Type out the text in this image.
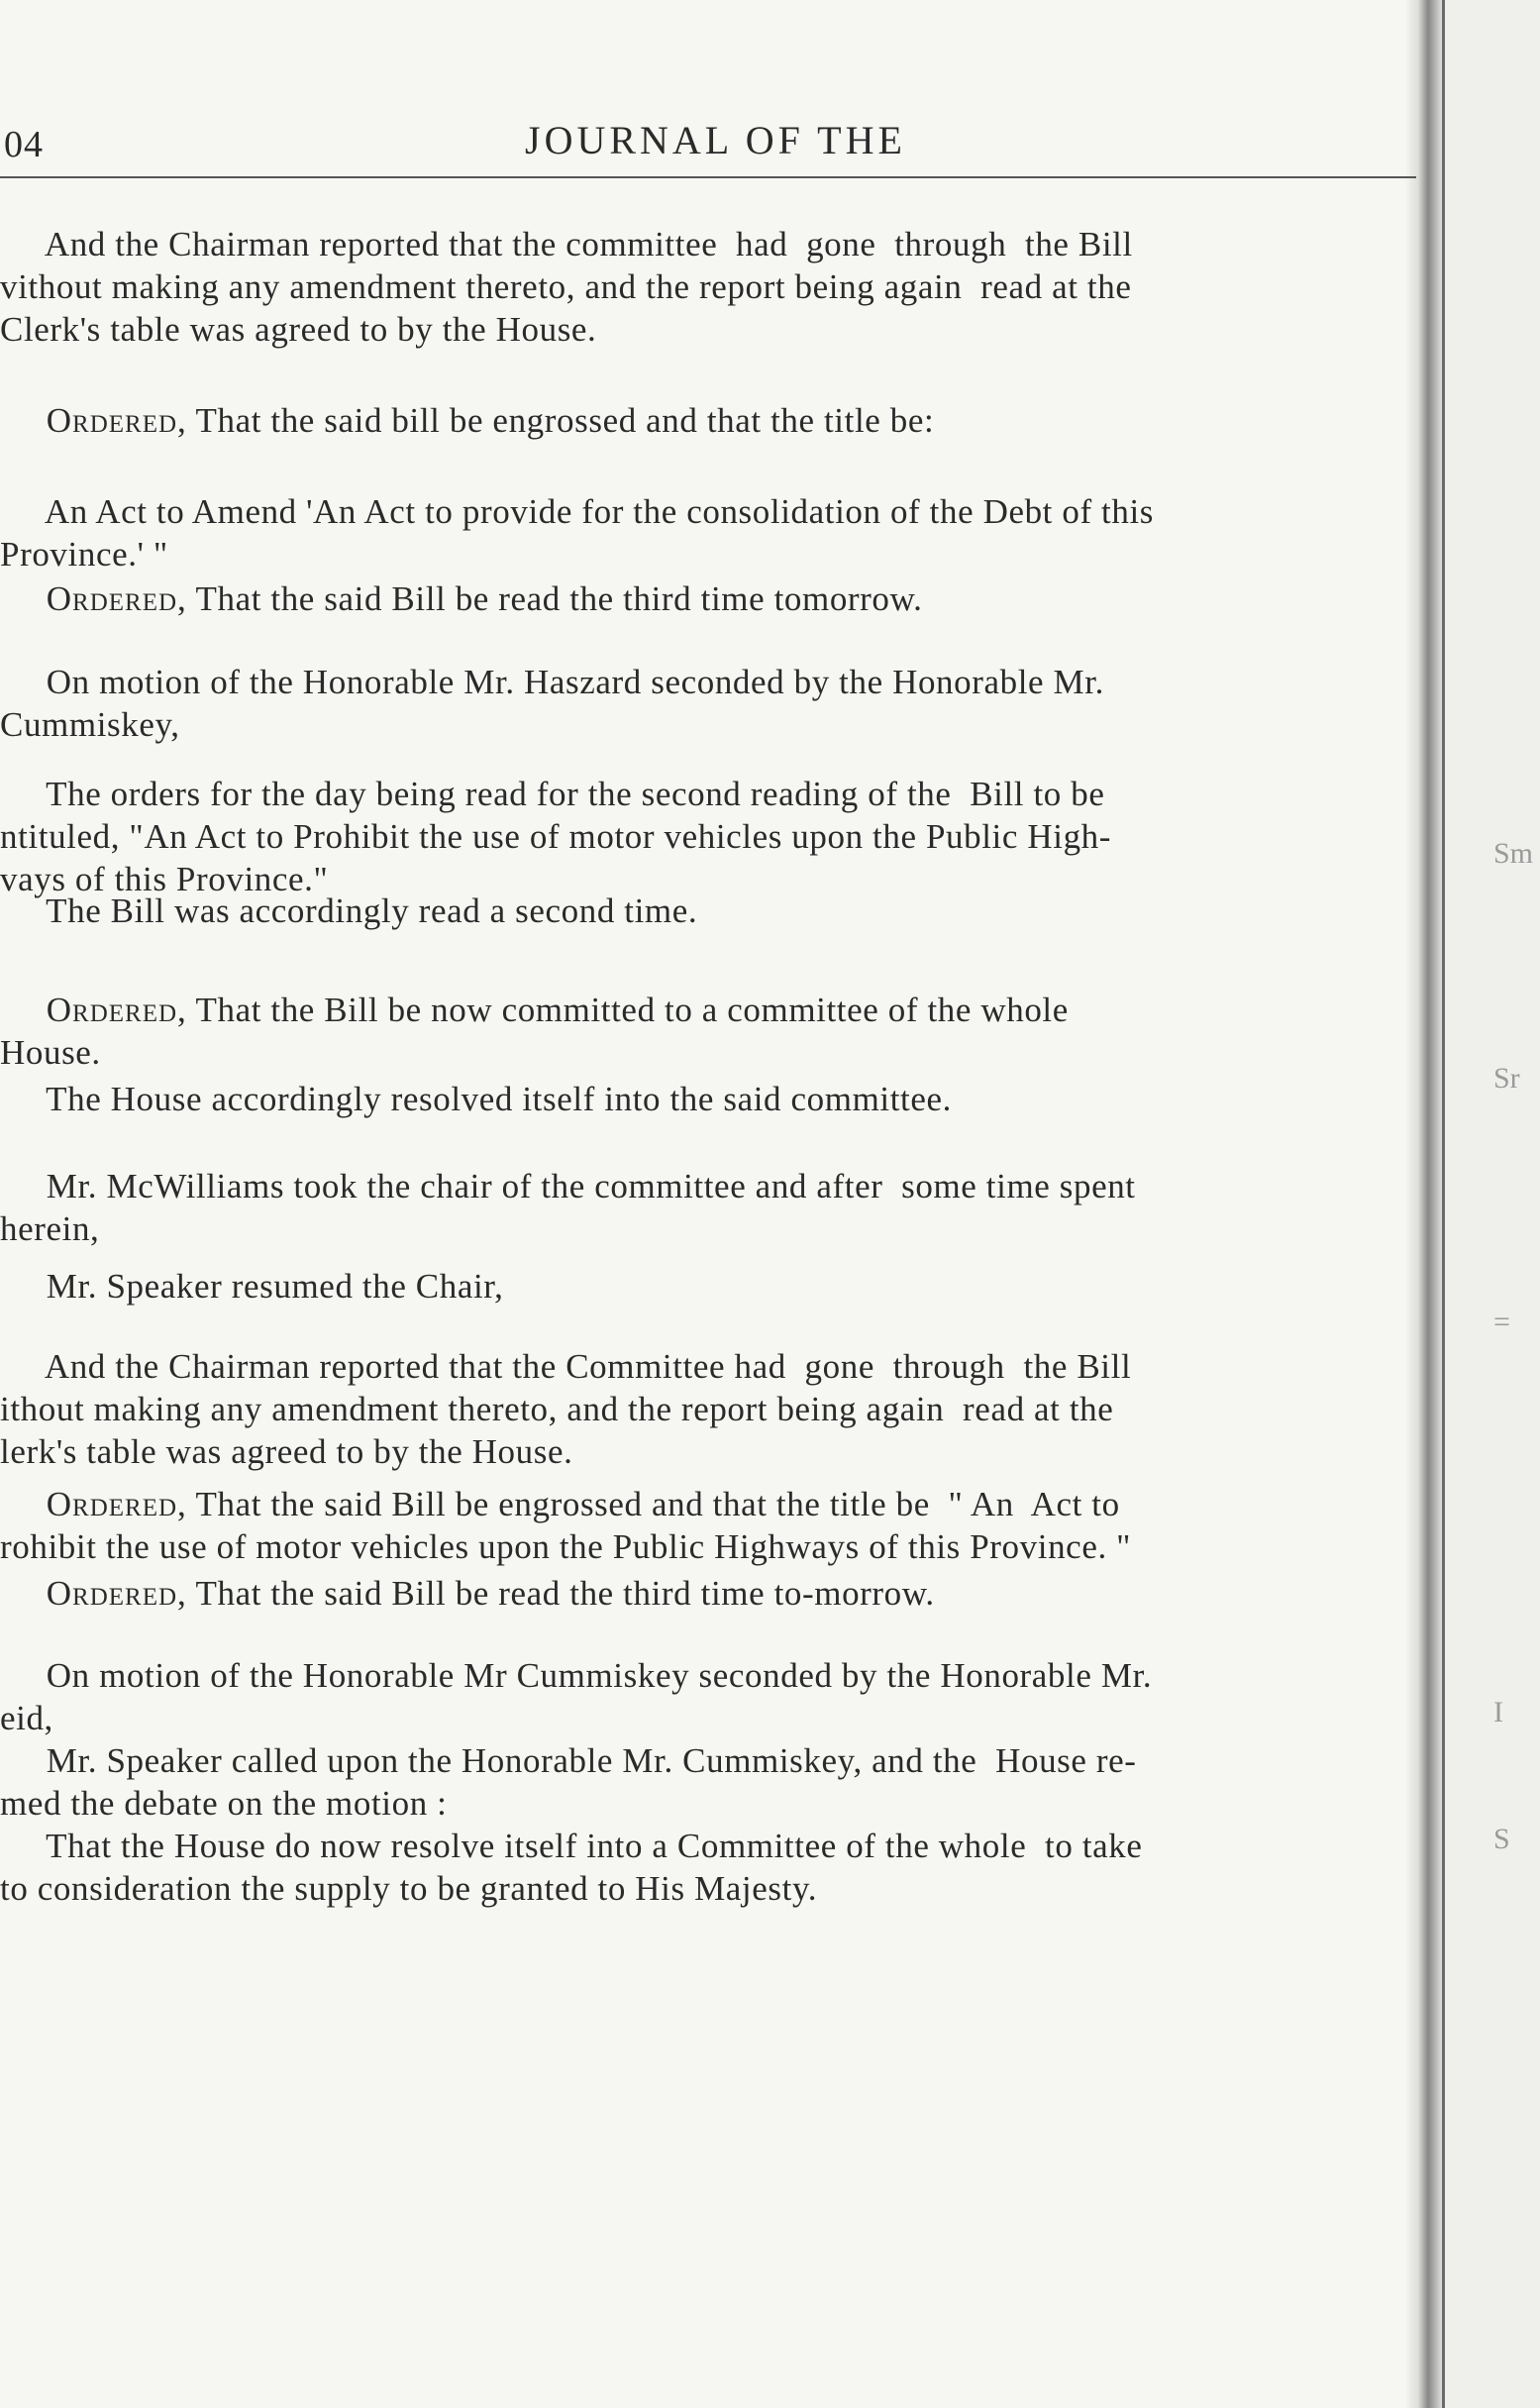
Sm
Sr
=
I
S
04	JOURNAL OF THE
And the Chairman reported that the committee  had  gone  through  the Bill
vithout making any amendment thereto, and the report being again  read at the
Clerk's table was agreed to by the House.
Ordered, That the said bill be engrossed and that the title be:
An Act to Amend 'An Act to provide for the consolidation of the Debt of this
Province.' "
Ordered, That the said Bill be read the third time tomorrow.
On motion of the Honorable Mr. Haszard seconded by the Honorable Mr.
Cummiskey,
The orders for the day being read for the second reading of the  Bill to be
ntituled, "An Act to Prohibit the use of motor vehicles upon the Public High-
vays of this Province."
The Bill was accordingly read a second time.
Ordered, That the Bill be now committed to a committee of the whole
House.
The House accordingly resolved itself into the said committee.
Mr. McWilliams took the chair of the committee and after  some time spent
herein,
Mr. Speaker resumed the Chair,
And the Chairman reported that the Committee had  gone  through  the Bill
ithout making any amendment thereto, and the report being again  read at the
lerk's table was agreed to by the House.
Ordered, That the said Bill be engrossed and that the title be  " An  Act to
rohibit the use of motor vehicles upon the Public Highways of this Province. "
Ordered, That the said Bill be read the third time to-morrow.
On motion of the Honorable Mr Cummiskey seconded by the Honorable Mr.
eid,
Mr. Speaker called upon the Honorable Mr. Cummiskey, and the  House re-
med the debate on the motion :
That the House do now resolve itself into a Committee of the whole  to take
to consideration the supply to be granted to His Majesty.
